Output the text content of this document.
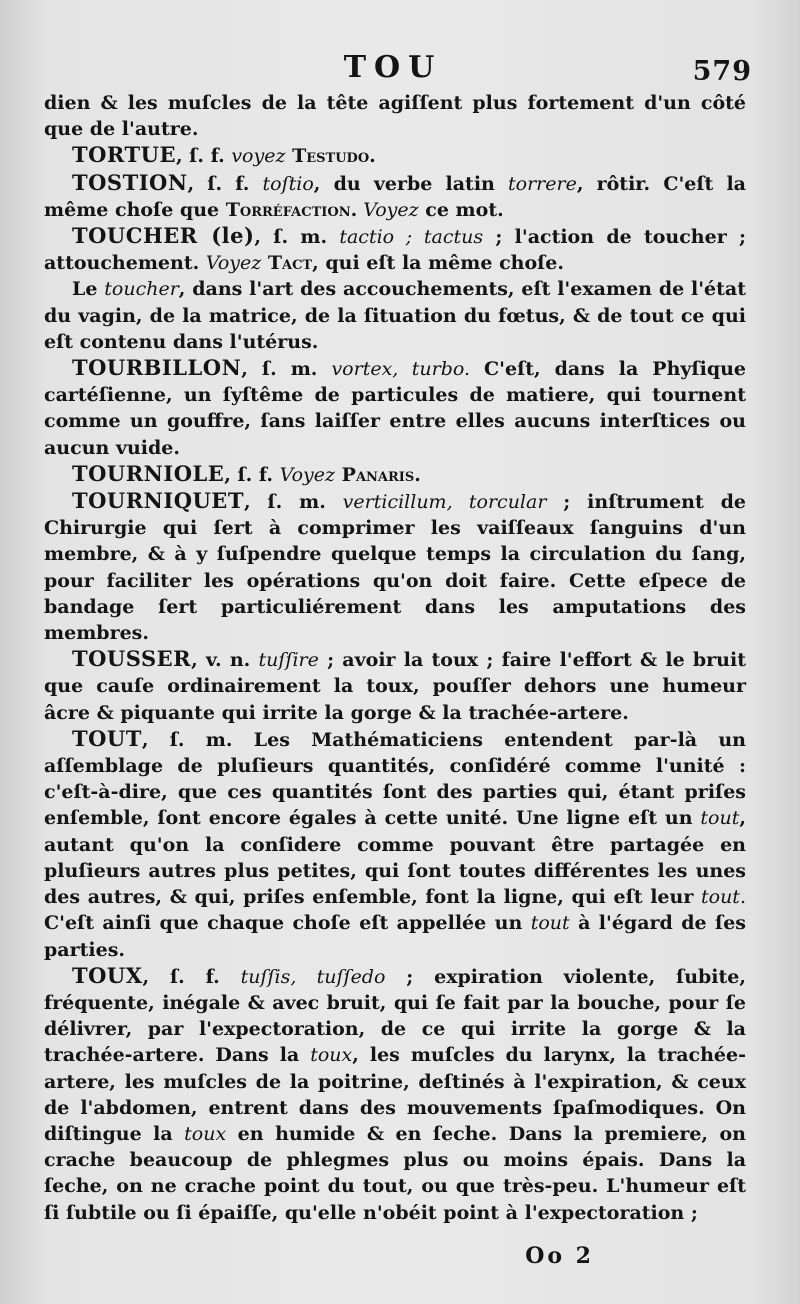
TOU	579

dien & les muſcles de la tête agiſſent plus fortement d'un côté que de l'autre.

TORTUE, ſ. f. voyez Testudo.

TOSTION, ſ. f. toſtio, du verbe latin torrere, rôtir. C'eſt la même choſe que Torréfaction. Voyez ce mot.

TOUCHER (le), ſ. m. tactio ; tactus ; l'action de toucher ; attouchement. Voyez Tact, qui eſt la même choſe.

Le toucher, dans l'art des accouchements, eſt l'examen de l'état du vagin, de la matrice, de la ſituation du fœtus, & de tout ce qui eſt contenu dans l'utérus.

TOURBILLON, ſ. m. vortex, turbo. C'eſt, dans la Phyſique cartéſienne, un ſyſtême de particules de matiere, qui tournent comme un gouffre, ſans laiſſer entre elles aucuns interſtices ou aucun vuide.

TOURNIOLE, ſ. f. Voyez Panaris.

TOURNIQUET, ſ. m. verticillum, torcular ; inſtrument de Chirurgie qui ſert à comprimer les vaiſſeaux ſanguins d'un membre, & à y ſuſpendre quelque temps la circulation du ſang, pour faciliter les opérations qu'on doit faire. Cette eſpece de bandage ſert particuliérement dans les amputations des membres.

TOUSSER, v. n. tuſſire ; avoir la toux ; faire l'effort & le bruit que cauſe ordinairement la toux, pouſſer dehors une humeur âcre & piquante qui irrite la gorge & la trachée-artere.

TOUT, ſ. m. Les Mathématiciens entendent par-là un aſſemblage de pluſieurs quantités, conſidéré comme l'unité : c'eſt-à-dire, que ces quantités ſont des parties qui, étant priſes enſemble, ſont encore égales à cette unité. Une ligne eſt un tout, autant qu'on la conſidere comme pouvant être partagée en pluſieurs autres plus petites, qui ſont toutes différentes les unes des autres, & qui, priſes enſemble, font la ligne, qui eſt leur tout. C'eſt ainſi que chaque choſe eſt appellée un tout à l'égard de ſes parties.

TOUX, ſ. f. tuſſis, tuſſedo ; expiration violente, ſubite, fréquente, inégale & avec bruit, qui ſe fait par la bouche, pour ſe délivrer, par l'expectoration, de ce qui irrite la gorge & la trachée-artere. Dans la toux, les muſcles du larynx, la trachée-artere, les muſcles de la poitrine, deſtinés à l'expiration, & ceux de l'abdomen, entrent dans des mouvements ſpaſmodiques. On diſtingue la toux en humide & en ſeche. Dans la premiere, on crache beaucoup de phlegmes plus ou moins épais. Dans la ſeche, on ne crache point du tout, ou que très-peu. L'humeur eſt ſi ſubtile ou ſi épaiſſe, qu'elle n'obéit point à l'expectoration ;

Oo 2
